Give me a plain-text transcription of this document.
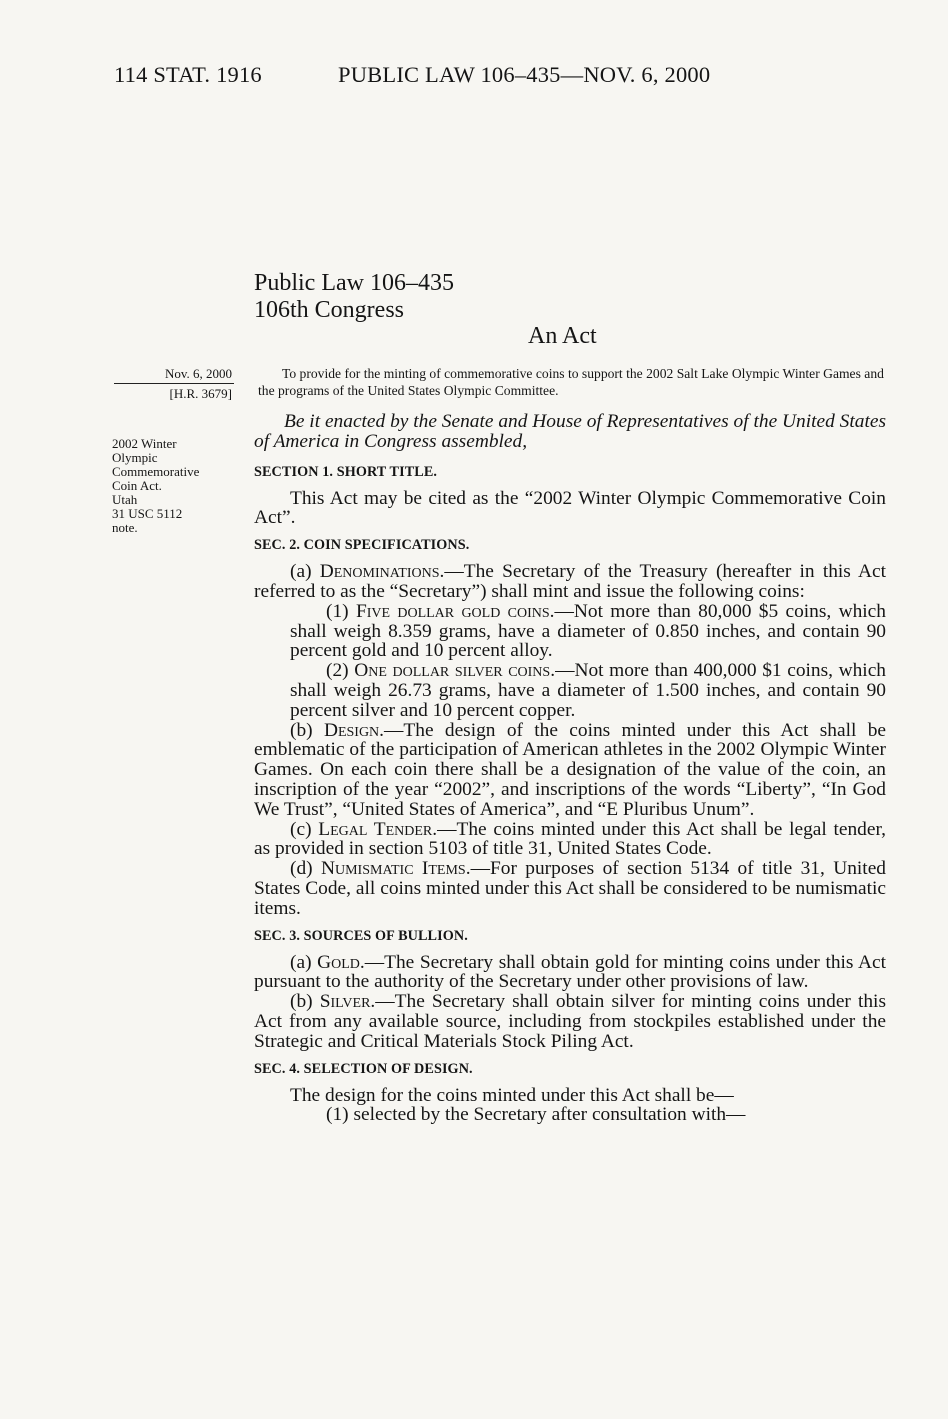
114 STAT. 1916	PUBLIC LAW 106–435—NOV. 6, 2000
Public Law 106–435
106th Congress
An Act
Nov. 6, 2000
[H.R. 3679]
2002 Winter
Olympic
Commemorative
Coin Act.
Utah
31 USC 5112
note.
To provide for the minting of commemorative coins to support the 2002 Salt Lake Olympic Winter Games and the programs of the United States Olympic Committee.

Be it enacted by the Senate and House of Representatives of the United States of America in Congress assembled,

SECTION 1. SHORT TITLE.

This Act may be cited as the “2002 Winter Olympic Commemorative Coin Act”.

SEC. 2. COIN SPECIFICATIONS.

(a) Denominations.—The Secretary of the Treasury (hereafter in this Act referred to as the “Secretary”) shall mint and issue the following coins:

(1) Five dollar gold coins.—Not more than 80,000 $5 coins, which shall weigh 8.359 grams, have a diameter of 0.850 inches, and contain 90 percent gold and 10 percent alloy.

(2) One dollar silver coins.—Not more than 400,000 $1 coins, which shall weigh 26.73 grams, have a diameter of 1.500 inches, and contain 90 percent silver and 10 percent copper.

(b) Design.—The design of the coins minted under this Act shall be emblematic of the participation of American athletes in the 2002 Olympic Winter Games. On each coin there shall be a designation of the value of the coin, an inscription of the year “2002”, and inscriptions of the words “Liberty”, “In God We Trust”, “United States of America”, and “E Pluribus Unum”.

(c) Legal Tender.—The coins minted under this Act shall be legal tender, as provided in section 5103 of title 31, United States Code.

(d) Numismatic Items.—For purposes of section 5134 of title 31, United States Code, all coins minted under this Act shall be considered to be numismatic items.

SEC. 3. SOURCES OF BULLION.

(a) Gold.—The Secretary shall obtain gold for minting coins under this Act pursuant to the authority of the Secretary under other provisions of law.

(b) Silver.—The Secretary shall obtain silver for minting coins under this Act from any available source, including from stockpiles established under the Strategic and Critical Materials Stock Piling Act.

SEC. 4. SELECTION OF DESIGN.

The design for the coins minted under this Act shall be—

(1) selected by the Secretary after consultation with—
